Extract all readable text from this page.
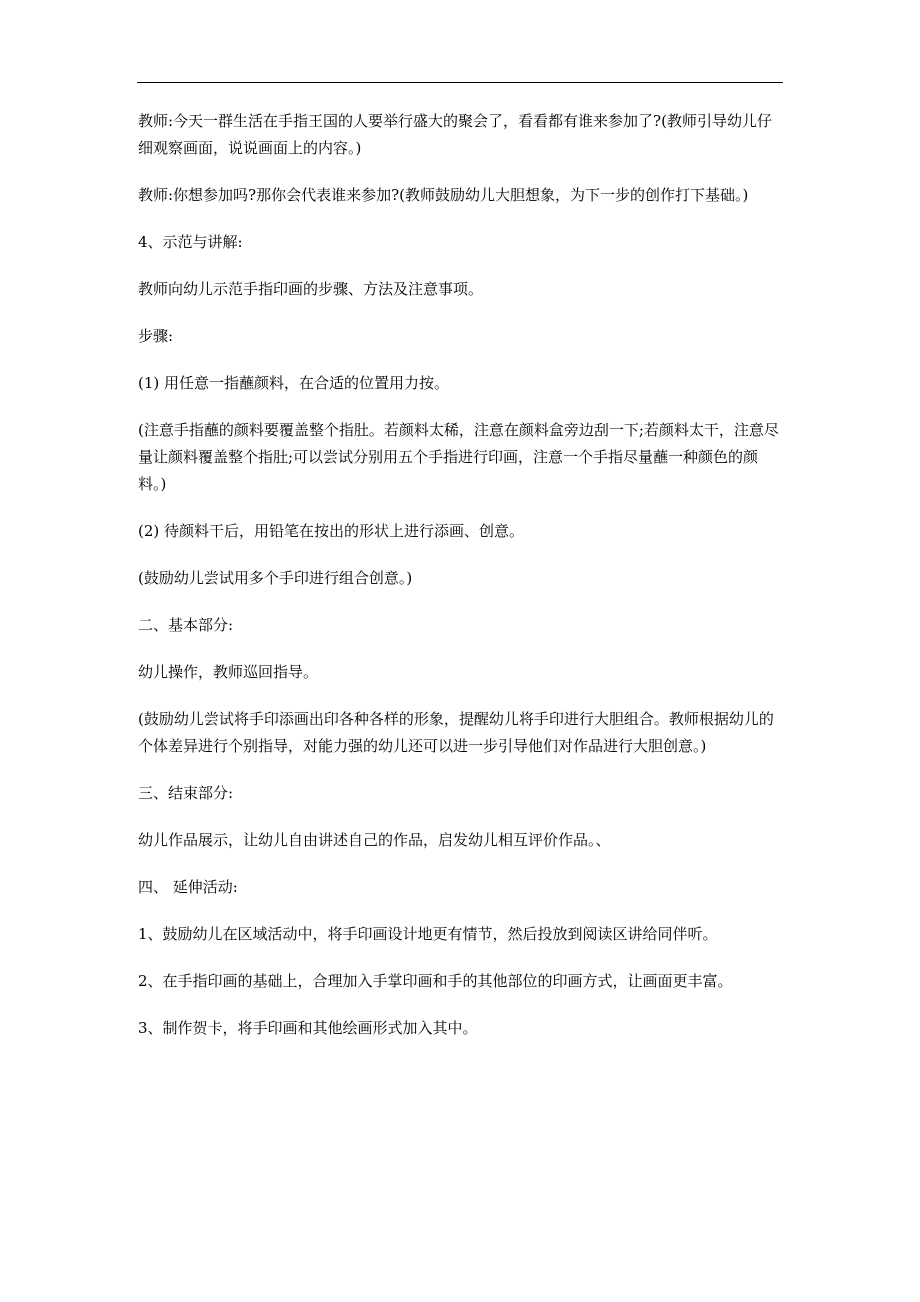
教师:今天一群生活在手指王国的人要举行盛大的聚会了，看看都有谁来参加了?(教师引导幼儿仔细观察画面，说说画面上的内容。)

教师:你想参加吗?那你会代表谁来参加?(教师鼓励幼儿大胆想象，为下一步的创作打下基础。)

4、示范与讲解:

教师向幼儿示范手指印画的步骤、方法及注意事项。

步骤:

(1) 用任意一指蘸颜料，在合适的位置用力按。

(注意手指蘸的颜料要覆盖整个指肚。若颜料太稀，注意在颜料盒旁边刮一下;若颜料太干，注意尽量让颜料覆盖整个指肚;可以尝试分别用五个手指进行印画，注意一个手指尽量蘸一种颜色的颜料。)

(2) 待颜料干后，用铅笔在按出的形状上进行添画、创意。

(鼓励幼儿尝试用多个手印进行组合创意。)

二、基本部分:

幼儿操作，教师巡回指导。

(鼓励幼儿尝试将手印添画出印各种各样的形象，提醒幼儿将手印进行大胆组合。教师根据幼儿的个体差异进行个别指导，对能力强的幼儿还可以进一步引导他们对作品进行大胆创意。)

三、结束部分:

幼儿作品展示，让幼儿自由讲述自己的作品，启发幼儿相互评价作品。、

四、 延伸活动:

1、鼓励幼儿在区域活动中，将手印画设计地更有情节，然后投放到阅读区讲给同伴听。

2、在手指印画的基础上，合理加入手掌印画和手的其他部位的印画方式，让画面更丰富。

3、制作贺卡，将手印画和其他绘画形式加入其中。
